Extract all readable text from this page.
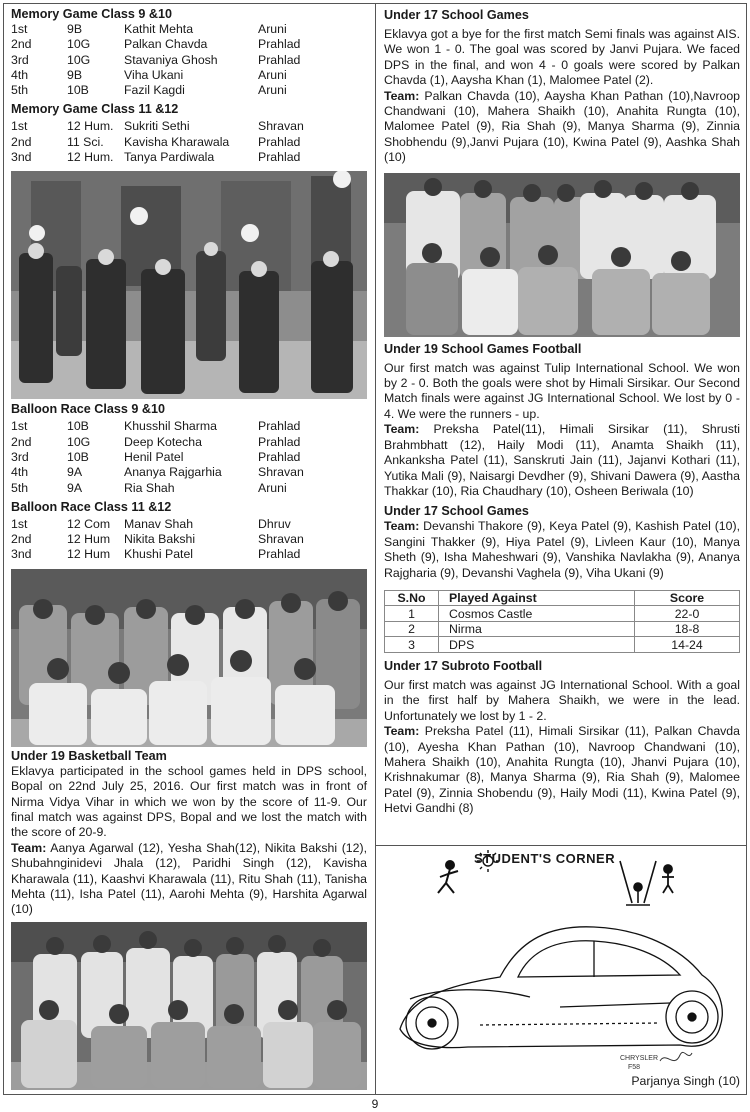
Memory Game Class 9 &10
1st	9B	Kathit Mehta	Aruni
2nd	10G	Palkan Chavda	Prahlad
3rd	10G	Stavaniya Ghosh	Prahlad
4th	9B	Viha Ukani	Aruni
5th	10B	Fazil Kagdi	Aruni
Memory Game Class 11 &12
1st	12 Hum.	Sukriti Sethi	Shravan
2nd	11 Sci.	Kavisha Kharawala	Prahlad
3nd	12 Hum.	Tanya Pardiwala	Prahlad
Balloon Race Class 9 &10
1st	10B	Khusshil Sharma	Prahlad
2nd	10G	Deep Kotecha	Prahlad
3rd	10B	Henil Patel	Prahlad
4th	9A	Ananya Rajgarhia	Shravan
5th	9A	Ria Shah	Aruni
Balloon Race Class 11 &12
1st	12 Com	Manav Shah	Dhruv
2nd	12 Hum	Nikita Bakshi	Shravan
3nd	12 Hum	Khushi Patel	Prahlad
Under 19 Basketball Team

Eklavya participated in the school games held in DPS school, Bopal on 22nd July 25, 2016. Our first match was in front of Nirma Vidya Vihar in which we won by the score of 11-9. Our final match was against DPS, Bopal and we lost the match with the score of 20-9.

Team: Aanya Agarwal (12), Yesha Shah(12), Nikita Bakshi (12), Shubahnginidevi Jhala (12), Paridhi Singh (12), Kavisha Kharawala (11), Kaashvi Kharawala (11), Ritu Shah (11), Tanisha Mehta (11), Isha Patel (11), Aarohi Mehta (9), Harshita Agarwal (10)

Under 17 School Games

Eklavya got a bye for the first match Semi finals was against AIS. We won 1 - 0. The goal was scored by Janvi Pujara. We faced DPS in the final, and won 4 - 0 goals were scored by Palkan Chavda (1), Aaysha Khan (1), Malomee Patel (2).

Team: Palkan Chavda (10), Aaysha Khan Pathan (10),Navroop Chandwani (10), Mahera Shaikh (10), Anahita Rungta (10), Malomee Patel (9), Ria Shah (9), Manya Sharma (9), Zinnia Shobhendu (9),Janvi Pujara (10), Kwina Patel (9), Aashka Shah (10)

Under 19 School Games Football

Our first match was against Tulip International School. We won by 2 - 0. Both the goals were shot by Himali Sirsikar. Our Second Match finals were against JG International School. We lost by 0 - 4. We were the runners - up.

Team: Preksha Patel(11), Himali Sirsikar (11), Shrusti Brahmbhatt (12), Haily Modi (11), Anamta Shaikh (11), Ankanksha Patel (11), Sanskruti Jain (11), Jajanvi Kothari (11), Yutika Mali (9), Naisargi Devdher (9), Shivani Dawera (9), Aastha Thakkar (10), Ria Chaudhary (10), Osheen Beriwala (10)

Under 17 School Games

Team: Devanshi Thakore (9), Keya Patel (9), Kashish Patel (10), Sangini Thakker (9), Hiya Patel (9), Livleen Kaur (10), Manya Sheth (9), Isha Maheshwari (9), Vanshika Navlakha (9), Ananya Rajgharia (9), Devanshi Vaghela (9), Viha Ukani (9)

S.No	Played Against	Score
1	Cosmos Castle	22-0
2	Nirma	18-8
3	DPS	14-24
Under 17 Subroto Football

Our first match was against JG International School. With a goal in the first half by Mahera Shaikh, we were in the lead. Unfortunately we lost by 1 - 2.

Team: Preksha Patel (11), Himali Sirsikar (11), Palkan Chavda (10), Ayesha Khan Pathan (10), Navroop Chandwani (10), Mahera Shaikh (10), Anahita Rungta (10), Jhanvi Pujara (10), Krishnakumar (8), Manya Sharma (9), Ria Shah (9), Malomee Patel (9), Zinnia Shobendu (9), Haily Modi (11), Kwina Patel (9), Hetvi Gandhi (8)

CHRYSLER
F58
STUDENT'S CORNER
Parjanya Singh (10)
9
